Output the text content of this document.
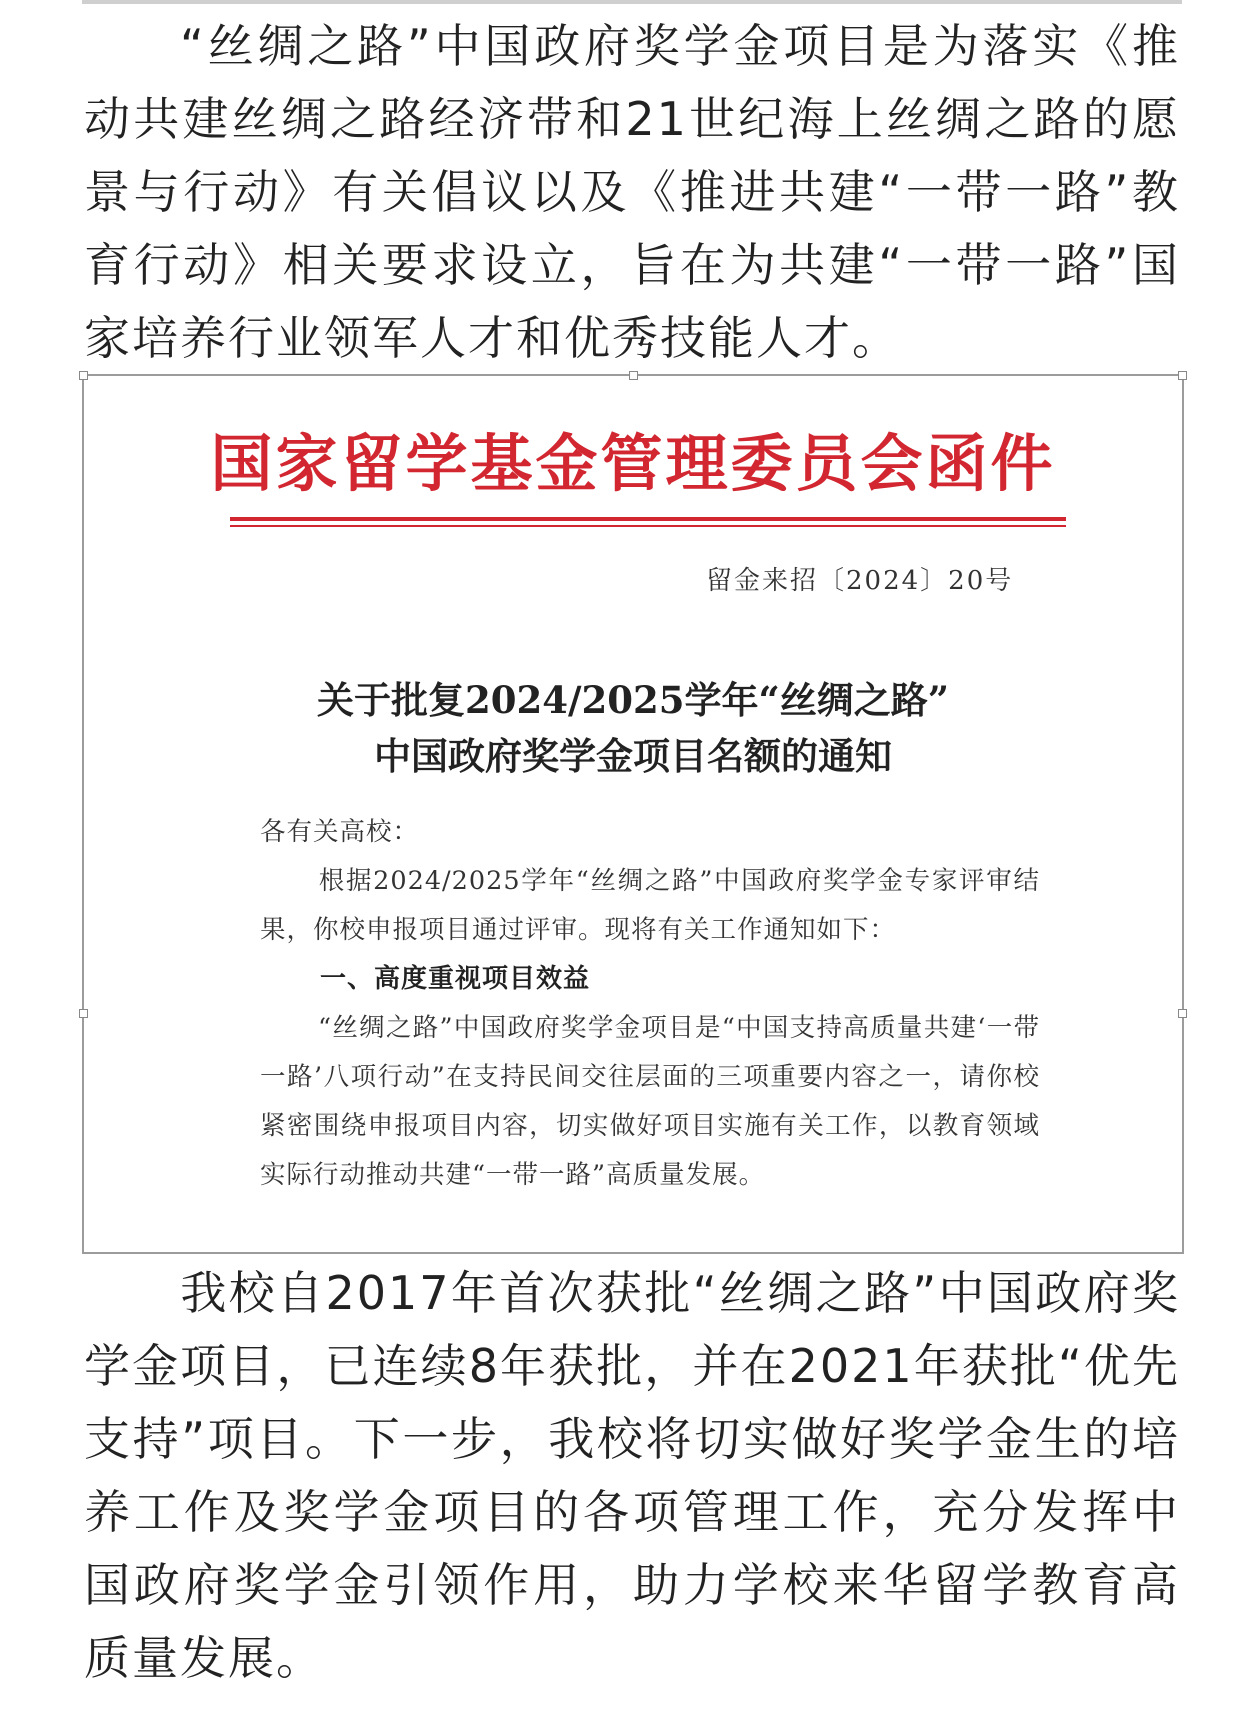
“丝绸之路”中国政府奖学金项目是为落实《推动共建丝绸之路经济带和21世纪海上丝绸之路的愿景与行动》有关倡议以及《推进共建“一带一路”教育行动》相关要求设立，旨在为共建“一带一路”国家培养行业领军人才和优秀技能人才。

国家留学基金管理委员会函件
留金来招〔2024〕20号
关于批复2024/2025学年“丝绸之路”
中国政府奖学金项目名额的通知

各有关高校：

根据2024/2025学年“丝绸之路”中国政府奖学金专家评审结果，你校申报项目通过评审。现将有关工作通知如下：

一、高度重视项目效益

“丝绸之路”中国政府奖学金项目是“中国支持高质量共建‘一带一路’八项行动”在支持民间交往层面的三项重要内容之一，请你校紧密围绕申报项目内容，切实做好项目实施有关工作，以教育领域实际行动推动共建“一带一路”高质量发展。

我校自2017年首次获批“丝绸之路”中国政府奖学金项目，已连续8年获批，并在2021年获批“优先支持”项目。下一步，我校将切实做好奖学金生的培养工作及奖学金项目的各项管理工作，充分发挥中国政府奖学金引领作用，助力学校来华留学教育高质量发展。
